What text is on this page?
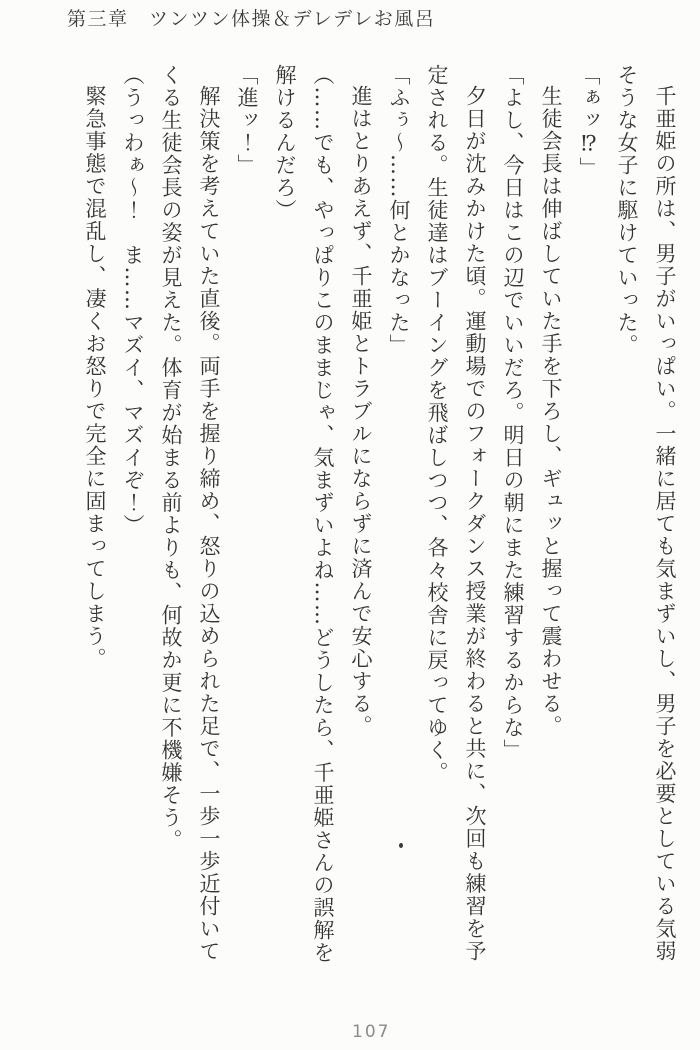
第三章　ツンツン体操＆デレデレお風呂

千亜姫の所は、男子がいっぱい。一緒に居ても気まずいし、男子を必要としている気弱

そうな女子に駆けていった。

「ぁッ⁉」

生徒会長は伸ばしていた手を下ろし、ギュッと握って震わせる。

「よし、今日はこの辺でいいだろ。明日の朝にまた練習するからな」

夕日が沈みかけた頃。運動場でのフォークダンス授業が終わると共に、次回も練習を予

定される。生徒達はブーイングを飛ばしつつ、各々校舎に戻ってゆく。

「ふぅ～……何とかなった」

進はとりあえず、千亜姫とトラブルにならずに済んで安心する。

（……でも、やっぱりこのままじゃ、気まずいよね……どうしたら、千亜姫さんの誤解を

解けるんだろ）

「進ッ！」

解決策を考えていた直後。両手を握り締め、怒りの込められた足で、一歩一歩近付いて

くる生徒会長の姿が見えた。体育が始まる前よりも、何故か更に不機嫌そう。

（うっわぁ～！　ま……マズイ、マズイぞ！）

緊急事態で混乱し、凄くお怒りで完全に固まってしまう。

107
